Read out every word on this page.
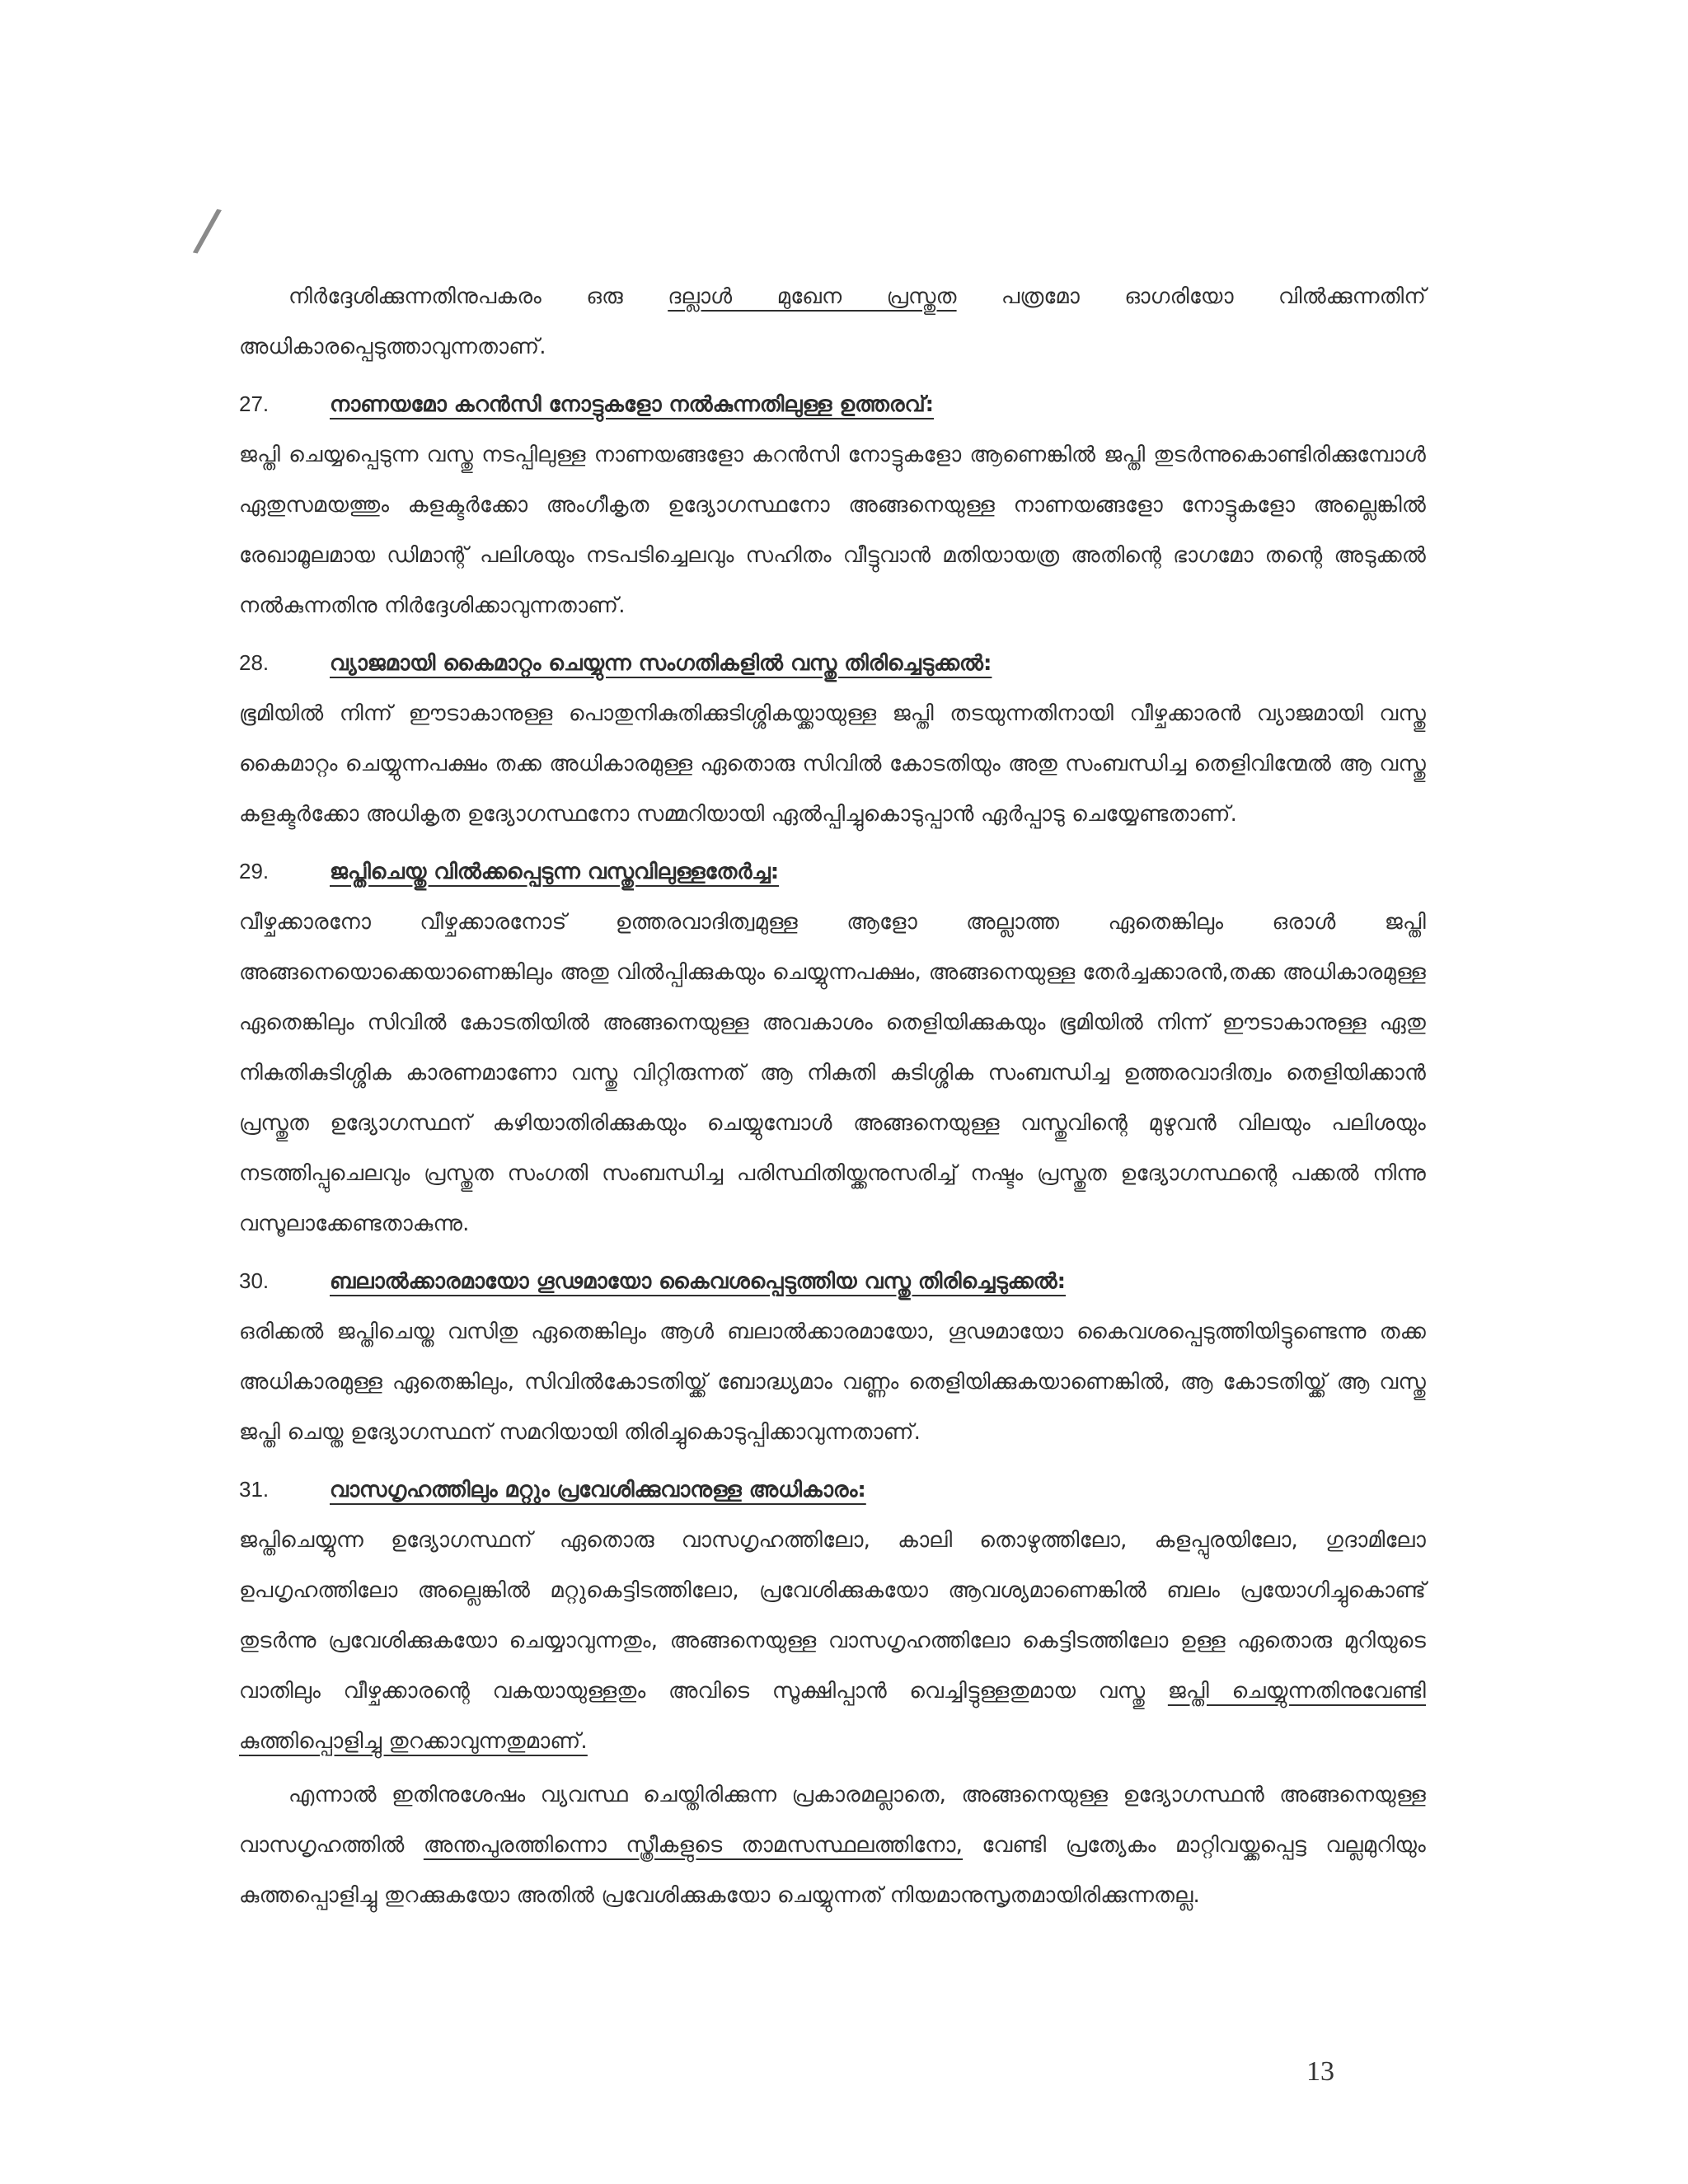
/

നിർദ്ദേശിക്കുന്നതിനുപകരം ഒരു ദല്ലാൾ മുഖേന പ്രസ്തുത പത്രമോ ഓഗരിയോ വിൽക്കുന്നതിന് അധികാരപ്പെടുത്താവുന്നതാണ്.

27.	നാണയമോ കറൻസി നോട്ടുകളോ നൽകുന്നതിലുള്ള ഉത്തരവ്:

ജപ്തി ചെയ്യപ്പെടുന്ന വസ്തു നടപ്പിലുള്ള നാണയങ്ങളോ കറൻസി നോട്ടുകളോ ആണെങ്കിൽ ജപ്തി തുടർന്നുകൊണ്ടിരിക്കുമ്പോൾ ഏതുസമയത്തും കളക്ടർക്കോ അംഗീകൃത ഉദ്യോഗസ്ഥനോ അങ്ങനെയുള്ള നാണയങ്ങളോ നോട്ടുകളോ അല്ലെങ്കിൽ രേഖാമൂലമായ ഡിമാന്റ് പലിശയും നടപടിച്ചെലവും സഹിതം വീട്ടുവാൻ മതിയായത്ര അതിന്റെ ഭാഗമോ തന്റെ അടുക്കൽ നൽകുന്നതിനു നിർദ്ദേശിക്കാവുന്നതാണ്.

28.	വ്യാജമായി കൈമാറ്റം ചെയ്യുന്ന സംഗതികളിൽ വസ്തു തിരിച്ചെടുക്കൽ:

ഭൂമിയിൽ നിന്ന് ഈടാകാനുള്ള പൊതുനികുതിക്കുടിശ്ശികയ്ക്കായുള്ള ജപ്തി തടയുന്നതിനായി വീഴ്ചക്കാരൻ വ്യാജമായി വസ്തു കൈമാറ്റം ചെയ്യുന്നപക്ഷം തക്ക അധികാരമുള്ള ഏതൊരു സിവിൽ കോടതിയും അതു സംബന്ധിച്ച തെളിവിന്മേൽ ആ വസ്തു കളക്ടർക്കോ അധികൃത ഉദ്യോഗസ്ഥനോ സമ്മറിയായി ഏൽപ്പിച്ചുകൊടുപ്പാൻ ഏർപ്പാടു ചെയ്യേണ്ടതാണ്.

29.	ജപ്തിചെയ്തു വിൽക്കപ്പെടുന്ന വസ്തുവിലുള്ളതേർച്ച:

വീഴ്ചക്കാരനോ വീഴ്ചക്കാരനോട് ഉത്തരവാദിത്വമുള്ള ആളോ അല്ലാത്ത ഏതെങ്കിലും ഒരാൾ ജപ്തി അങ്ങനെയൊക്കെയാണെങ്കിലും അതു വിൽപ്പിക്കുകയും ചെയ്യുന്നപക്ഷം, അങ്ങനെയുള്ള തേർച്ചക്കാരൻ,തക്ക അധികാരമുള്ള ഏതെങ്കിലും സിവിൽ കോടതിയിൽ അങ്ങനെയുള്ള അവകാശം തെളിയിക്കുകയും ഭൂമിയിൽ നിന്ന് ഈടാകാനുള്ള ഏതു നികുതികുടിശ്ശിക കാരണമാണോ വസ്തു വിറ്റിരുന്നത് ആ നികുതി കുടിശ്ശിക സംബന്ധിച്ച ഉത്തരവാദിത്വം തെളിയിക്കാൻ പ്രസ്തുത ഉദ്യോഗസ്ഥന് കഴിയാതിരിക്കുകയും ചെയ്യുമ്പോൾ അങ്ങനെയുള്ള വസ്തുവിന്റെ മുഴുവൻ വിലയും പലിശയും നടത്തിപ്പുചെലവും പ്രസ്തുത സംഗതി സംബന്ധിച്ച പരിസ്ഥിതിയ്ക്കനുസരിച്ച് നഷ്ടം പ്രസ്തുത ഉദ്യോഗസ്ഥന്റെ പക്കൽ നിന്നു വസൂലാക്കേണ്ടതാകുന്നു.

30.	ബലാൽക്കാരമായോ ഗൂഢമായോ കൈവശപ്പെടുത്തിയ വസ്തു തിരിച്ചെടുക്കൽ:

ഒരിക്കൽ ജപ്തിചെയ്ത വസിതു ഏതെങ്കിലും ആൾ ബലാൽക്കാരമായോ, ഗൂഢമായോ കൈവശപ്പെടുത്തിയിട്ടുണ്ടെന്നു തക്ക അധികാരമുള്ള ഏതെങ്കിലും, സിവിൽകോടതിയ്ക്ക് ബോദ്ധ്യമാം വണ്ണം തെളിയിക്കുകയാണെങ്കിൽ, ആ കോടതിയ്ക്ക് ആ വസ്തു ജപ്തി ചെയ്ത ഉദ്യോഗസ്ഥന് സമറിയായി തിരിച്ചുകൊടുപ്പിക്കാവുന്നതാണ്.

31.	വാസഗൃഹത്തിലും മറ്റും പ്രവേശിക്കുവാനുള്ള അധികാരം:

ജപ്തിചെയ്യുന്ന ഉദ്യോഗസ്ഥന് ഏതൊരു വാസഗൃഹത്തിലോ, കാലി തൊഴുത്തിലോ, കളപ്പുരയിലോ, ഗുദാമിലോ ഉപഗൃഹത്തിലോ അല്ലെങ്കിൽ മറ്റുകെട്ടിടത്തിലോ, പ്രവേശിക്കുകയോ ആവശ്യമാണെങ്കിൽ ബലം പ്രയോഗിച്ചുകൊണ്ട് തുടർന്നു പ്രവേശിക്കുകയോ ചെയ്യാവുന്നതും, അങ്ങനെയുള്ള വാസഗൃഹത്തിലോ കെട്ടിടത്തിലോ ഉള്ള ഏതൊരു മുറിയുടെ വാതിലും വീഴ്ചക്കാരന്റെ വകയായുള്ളതും അവിടെ സൂക്ഷിപ്പാൻ വെച്ചിട്ടുള്ളതുമായ വസ്തു ജപ്തി ചെയ്യുന്നതിനുവേണ്ടി കുത്തിപ്പൊളിച്ചു തുറക്കാവുന്നതുമാണ്.

എന്നാൽ ഇതിനുശേഷം വ്യവസ്ഥ ചെയ്തിരിക്കുന്ന പ്രകാരമല്ലാതെ, അങ്ങനെയുള്ള ഉദ്യോഗസ്ഥൻ അങ്ങനെയുള്ള വാസഗൃഹത്തിൽ അന്തപുരത്തിന്നൊ സ്ത്രീകളുടെ താമസസ്ഥലത്തിനോ, വേണ്ടി പ്രത്യേകം മാറ്റിവയ്ക്കപ്പെട്ട വല്ലമുറിയും കുത്തപ്പൊളിച്ചു തുറക്കുകയോ അതിൽ പ്രവേശിക്കുകയോ ചെയ്യുന്നത് നിയമാനുസൃതമായിരിക്കുന്നതല്ല.

13
